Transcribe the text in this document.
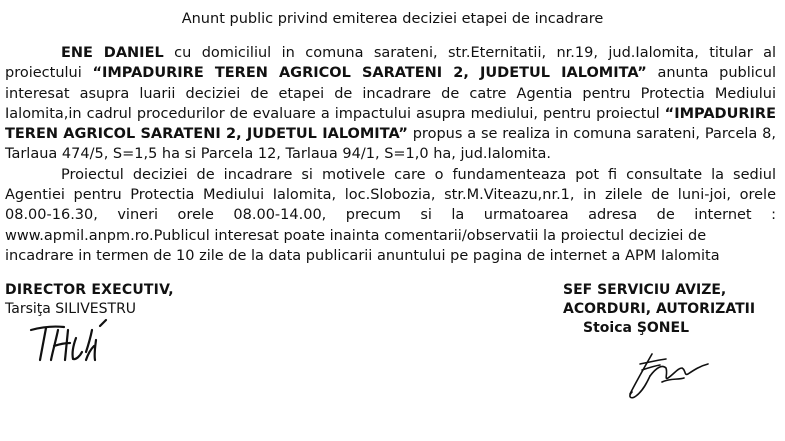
Anunt public privind emiterea deciziei etapei de incadrare

ENE DANIEL cu domiciliul in comuna sarateni, str.Eternitatii, nr.19, jud.Ialomita, titular al proiectului “IMPADURIRE TEREN AGRICOL SARATENI 2, JUDETUL IALOMITA” anunta publicul interesat asupra luarii deciziei de etapei de incadrare de catre Agentia pentru Protectia Mediului Ialomita,in cadrul procedurilor de evaluare a impactului asupra mediului, pentru proiectul “IMPADURIRE TEREN AGRICOL SARATENI 2, JUDETUL IALOMITA” propus a se realiza in comuna sarateni, Parcela 8, Tarlaua 474/5, S=1,5 ha si Parcela 12, Tarlaua 94/1, S=1,0 ha, jud.Ialomita.

Proiectul deciziei de incadrare si motivele care o fundamenteaza pot fi consultate la sediul Agentiei pentru Protectia Mediului Ialomita, loc.Slobozia, str.M.Viteazu,nr.1, in zilele de luni-joi, orele 08.00-16.30, vineri orele 08.00-14.00, precum si la urmatoarea adresa de internet : www.apmil.anpm.ro.Publicul interesat poate inainta comentarii/observatii la proiectul deciziei de

incadrare in termen de 10 zile de la data publicarii anuntului pe pagina de internet a APM Ialomita
DIRECTOR EXECUTIV,
Tarsiţa SILIVESTRU
SEF SERVICIU AVIZE,
ACORDURI, AUTORIZATII
Stoica ŞONEL
